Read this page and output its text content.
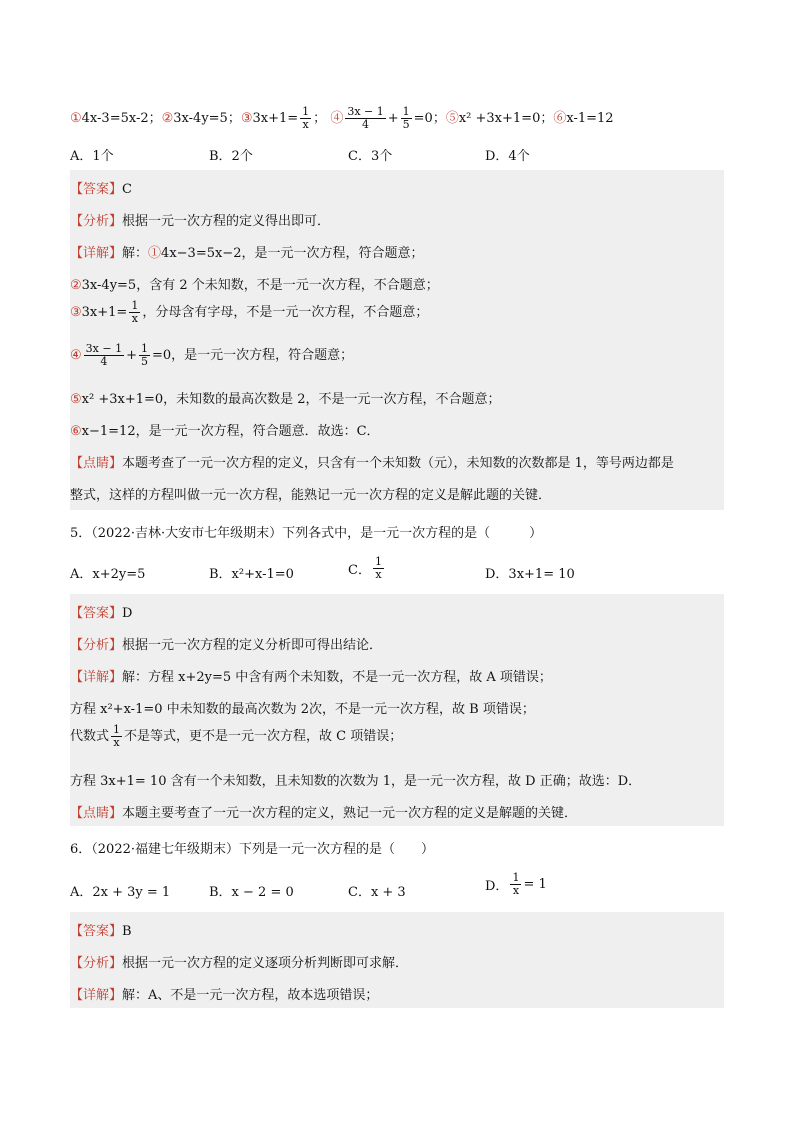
①4x-3=5x-2；②3x-4y=5；③3x+1= $\frac{1}{x}$ ； ④ $\frac{3x - 1}{4} + \frac{1}{5} =0$；⑤x² +3x+1=0；⑥x-1=12
A．1个	B．2个	C．3个	D．4个
【答案】C
【分析】根据一元一次方程的定义得出即可．
【详解】解：①4x−3=5x−2，是一元一次方程，符合题意；
②3x-4y=5，含有 2 个未知数，不是一元一次方程，不合题意；
③3x+1= $\frac{1}{x}$ ，分母含有字母，不是一元一次方程，不合题意；
④ $\frac{3x - 1}{4} + \frac{1}{5} =0$，是一元一次方程，符合题意；
⑤x² +3x+1=0，未知数的最高次数是 2，不是一元一次方程，不合题意；
⑥x−1=12，是一元一次方程，符合题意．故选：C．
【点睛】本题考查了一元一次方程的定义，只含有一个未知数（元），未知数的次数都是 1，等号两边都是
整式，这样的方程叫做一元一次方程，能熟记一元一次方程的定义是解此题的关键．
5．（2022·吉林·大安市七年级期末）下列各式中，是一元一次方程的是（　　　）
A．x+2y=5	B．x²+x-1=0	C． $\frac{1}{x}$	D．3x+1= 10
【答案】D
【分析】根据一元一次方程的定义分析即可得出结论．
【详解】解：方程 x+2y=5 中含有两个未知数，不是一元一次方程，故 A 项错误；
方程 x²+x-1=0 中未知数的最高次数为 2次，不是一元一次方程，故 B 项错误；
代数式 $\frac{1}{x}$ 不是等式，更不是一元一次方程，故 C 项错误；
方程 3x+1= 10 含有一个未知数，且未知数的次数为 1，是一元一次方程，故 D 正确；故选：D．
【点睛】本题主要考查了一元一次方程的定义，熟记一元一次方程的定义是解题的关键．
6．（2022·福建七年级期末）下列是一元一次方程的是（　　）
A．2x + 3y = 1	B．x − 2 = 0	C．x + 3	D． $\frac{1}{x} = 1$
【答案】B
【分析】根据一元一次方程的定义逐项分析判断即可求解．
【详解】解：A、不是一元一次方程，故本选项错误；
